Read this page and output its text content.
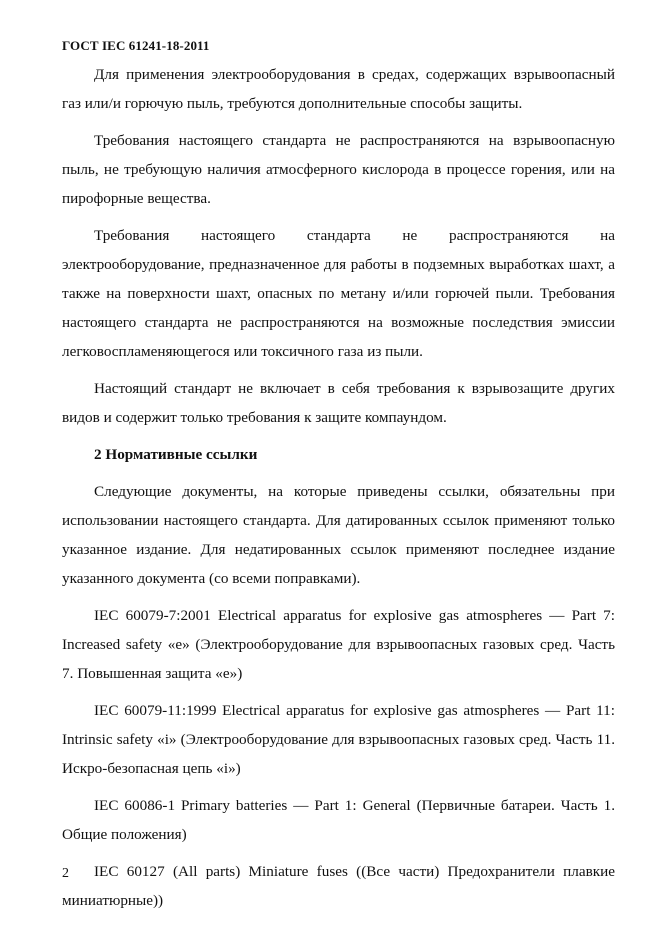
ГОСТ IEC 61241-18-2011

Для применения электрооборудования в средах, содержащих взрывоопасный газ или/и горючую пыль, требуются дополнительные способы защиты.

Требования настоящего стандарта не распространяются на взрывоопасную пыль, не требующую наличия атмосферного кислорода в процессе горения, или на пирофорные вещества.

Требования настоящего стандарта не распространяются на электрооборудование, предназначенное для работы в подземных выработках шахт, а также на поверхности шахт, опасных по метану и/или горючей пыли. Требования настоящего стандарта не распространяются на возможные последствия эмиссии легковоспламеняющегося или токсичного газа из пыли.

Настоящий стандарт не включает в себя требования к взрывозащите других видов и содержит только требования к защите компаундом.

2 Нормативные ссылки

Следующие документы, на которые приведены ссылки, обязательны при использовании настоящего стандарта. Для датированных ссылок применяют только указанное издание. Для недатированных ссылок применяют последнее издание указанного документа (со всеми поправками).

IEC 60079-7:2001 Electrical apparatus for explosive gas atmospheres — Part 7: Increased safety «e» (Электрооборудование для взрывоопасных газовых сред. Часть 7. Повышенная защита «e»)

IEC 60079-11:1999 Electrical apparatus for explosive gas atmospheres — Part 11: Intrinsic safety «i» (Электрооборудование для взрывоопасных газовых сред. Часть 11. Искро-безопасная цепь «i»)

IEC 60086-1 Primary batteries — Part 1: General (Первичные батареи. Часть 1. Общие положения)

IEC 60127 (All parts) Miniature fuses ((Все части) Предохранители плавкие миниатюрные))

2
